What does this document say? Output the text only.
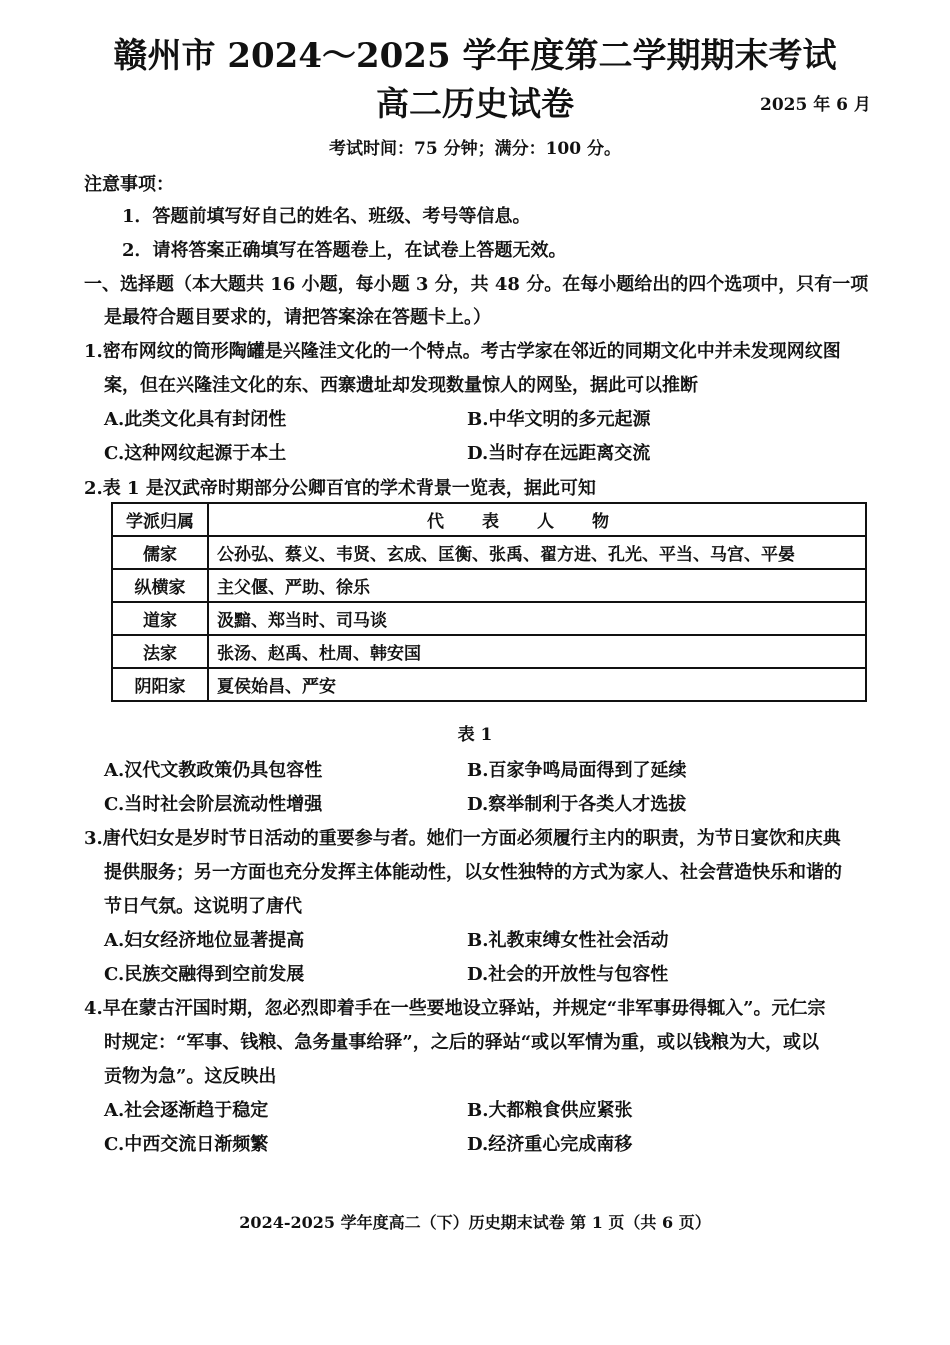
赣州市 2024～2025 学年度第二学期期末考试
高二历史试卷	2025 年 6 月
考试时间：75 分钟；满分：100 分。
注意事项：
1．答题前填写好自己的姓名、班级、考号等信息。
2．请将答案正确填写在答题卷上，在试卷上答题无效。
一、选择题（本大题共 16 小题，每小题 3 分，共 48 分。在每小题给出的四个选项中，只有一项
是最符合题目要求的，请把答案涂在答题卡上。）
1.密布网纹的筒形陶罐是兴隆洼文化的一个特点。考古学家在邻近的同期文化中并未发现网纹图
案，但在兴隆洼文化的东、西寨遗址却发现数量惊人的网坠，据此可以推断
A.此类文化具有封闭性	B.中华文明的多元起源
C.这种网纹起源于本土	D.当时存在远距离交流
2.表 1 是汉武帝时期部分公卿百官的学术背景一览表，据此可知
学派归属	代表人物
儒家	公孙弘、蔡义、韦贤、玄成、匡衡、张禹、翟方进、孔光、平当、马宫、平晏
纵横家	主父偃、严助、徐乐
道家	汲黯、郑当时、司马谈
法家	张汤、赵禹、杜周、韩安国
阴阳家	夏侯始昌、严安
表 1
A.汉代文教政策仍具包容性	B.百家争鸣局面得到了延续
C.当时社会阶层流动性增强	D.察举制利于各类人才选拔
3.唐代妇女是岁时节日活动的重要参与者。她们一方面必须履行主内的职责，为节日宴饮和庆典
提供服务；另一方面也充分发挥主体能动性，以女性独特的方式为家人、社会营造快乐和谐的
节日气氛。这说明了唐代
A.妇女经济地位显著提高	B.礼教束缚女性社会活动
C.民族交融得到空前发展	D.社会的开放性与包容性
4.早在蒙古汗国时期，忽必烈即着手在一些要地设立驿站，并规定“非军事毋得辄入”。元仁宗
时规定：“军事、钱粮、急务量事给驿”，之后的驿站“或以军情为重，或以钱粮为大，或以
贡物为急”。这反映出
A.社会逐渐趋于稳定	B.大都粮食供应紧张
C.中西交流日渐频繁	D.经济重心完成南移
2024-2025 学年度高二（下）历史期末试卷 第 1 页（共 6 页）
